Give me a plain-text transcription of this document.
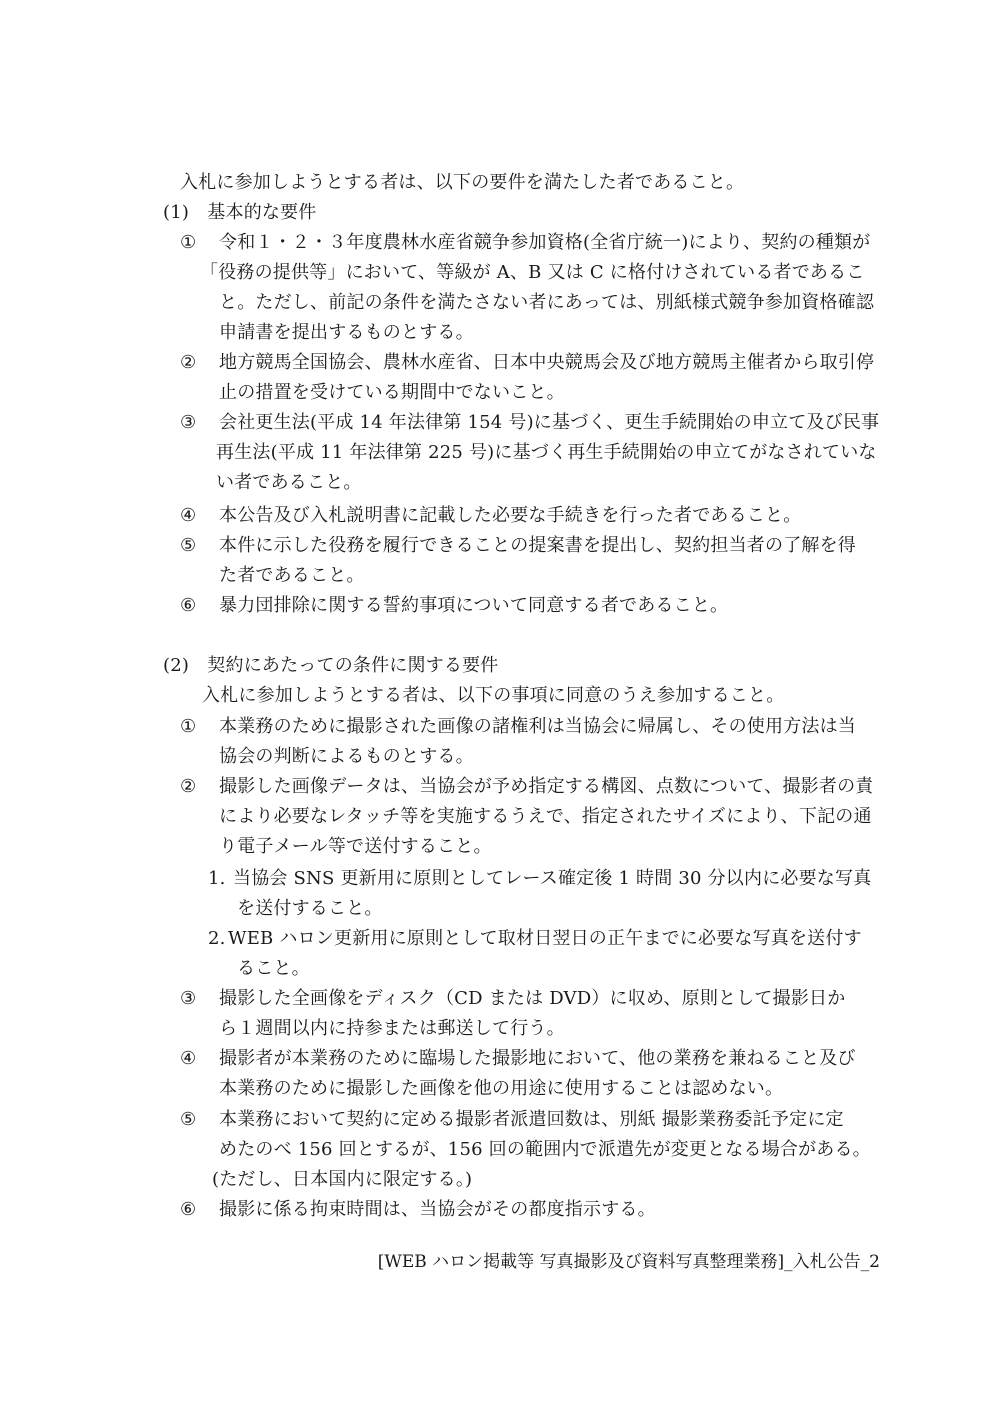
入札に参加しようとする者は、以下の要件を満たした者であること。
(1)　基本的な要件
① 令和１・２・３年度農林水産省競争参加資格(全省庁統一)により、契約の種類が
「役務の提供等」において、等級が A、B 又は C に格付けされている者であるこ
と。ただし、前記の条件を満たさない者にあっては、別紙様式競争参加資格確認
申請書を提出するものとする。
② 地方競馬全国協会、農林水産省、日本中央競馬会及び地方競馬主催者から取引停
止の措置を受けている期間中でないこと。
③ 会社更生法(平成 14 年法律第 154 号)に基づく、更生手続開始の申立て及び民事
再生法(平成 11 年法律第 225 号)に基づく再生手続開始の申立てがなされていな
い者であること。
④ 本公告及び入札説明書に記載した必要な手続きを行った者であること。
⑤ 本件に示した役務を履行できることの提案書を提出し、契約担当者の了解を得
た者であること。
⑥ 暴力団排除に関する誓約事項について同意する者であること。
(2)　契約にあたっての条件に関する要件
入札に参加しようとする者は、以下の事項に同意のうえ参加すること。
① 本業務のために撮影された画像の諸権利は当協会に帰属し、その使用方法は当
協会の判断によるものとする。
② 撮影した画像データは、当協会が予め指定する構図、点数について、撮影者の責
により必要なレタッチ等を実施するうえで、指定されたサイズにより、下記の通
り電子メール等で送付すること。
1. 当協会 SNS 更新用に原則としてレース確定後 1 時間 30 分以内に必要な写真
を送付すること。
2. WEB ハロン更新用に原則として取材日翌日の正午までに必要な写真を送付す
ること。
③ 撮影した全画像をディスク（CD または DVD）に収め、原則として撮影日か
ら１週間以内に持参または郵送して行う。
④ 撮影者が本業務のために臨場した撮影地において、他の業務を兼ねること及び
本業務のために撮影した画像を他の用途に使用することは認めない。
⑤ 本業務において契約に定める撮影者派遣回数は、別紙 撮影業務委託予定に定
めたのべ 156 回とするが、156 回の範囲内で派遣先が変更となる場合がある。
(ただし、日本国内に限定する。)
⑥ 撮影に係る拘束時間は、当協会がその都度指示する。
[WEB ハロン掲載等 写真撮影及び資料写真整理業務]_入札公告_2
